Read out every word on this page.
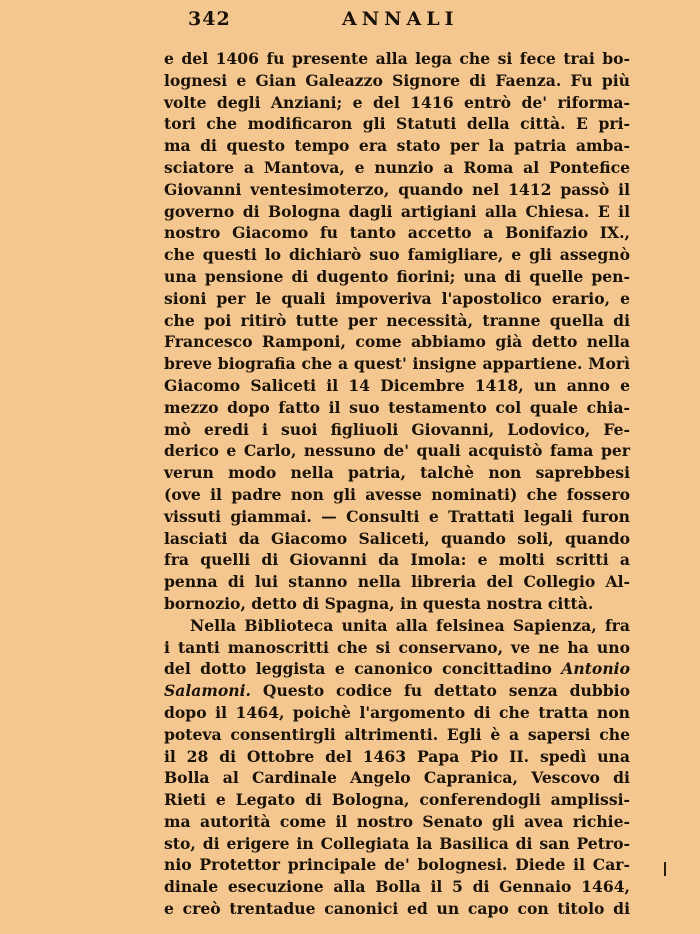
342	ANNALI
e del 1406 fu presente alla lega che si fece trai bo-
lognesi e Gian Galeazzo Signore di Faenza. Fu più
volte degli Anziani; e del 1416 entrò de' riforma-
tori che modificaron gli Statuti della città. E pri-
ma di questo tempo era stato per la patria amba-
sciatore a Mantova, e nunzio a Roma al Pontefice
Giovanni ventesimoterzo, quando nel 1412 passò il
governo di Bologna dagli artigiani alla Chiesa. E il
nostro Giacomo fu tanto accetto a Bonifazio IX.,
che questi lo dichiarò suo famigliare, e gli assegnò
una pensione di dugento fiorini; una di quelle pen-
sioni per le quali impoveriva l'apostolico erario, e
che poi ritirò tutte per necessità, tranne quella di
Francesco Ramponi, come abbiamo già detto nella
breve biografia che a quest' insigne appartiene. Morì
Giacomo Saliceti il 14 Dicembre 1418, un anno e
mezzo dopo fatto il suo testamento col quale chia-
mò eredi i suoi figliuoli Giovanni, Lodovico, Fe-
derico e Carlo, nessuno de' quali acquistò fama per
verun modo nella patria, talchè non saprebbesi
(ove il padre non gli avesse nominati) che fossero
vissuti giammai. — Consulti e Trattati legali furon
lasciati da Giacomo Saliceti, quando soli, quando
fra quelli di Giovanni da Imola: e molti scritti a
penna di lui stanno nella libreria del Collegio Al-
bornozio, detto di Spagna, in questa nostra città.
Nella Biblioteca unita alla felsinea Sapienza, fra
i tanti manoscritti che si conservano, ve ne ha uno
del dotto leggista e canonico concittadino Antonio
Salamoni. Questo codice fu dettato senza dubbio
dopo il 1464, poichè l'argomento di che tratta non
poteva consentirgli altrimenti. Egli è a sapersi che
il 28 di Ottobre del 1463 Papa Pio II. spedì una
Bolla al Cardinale Angelo Capranica, Vescovo di
Rieti e Legato di Bologna, conferendogli amplissi-
ma autorità come il nostro Senato gli avea richie-
sto, di erigere in Collegiata la Basilica di san Petro-
nio Protettor principale de' bolognesi. Diede il Car-
dinale esecuzione alla Bolla il 5 di Gennaio 1464,
e creò trentadue canonici ed un capo con titolo di
